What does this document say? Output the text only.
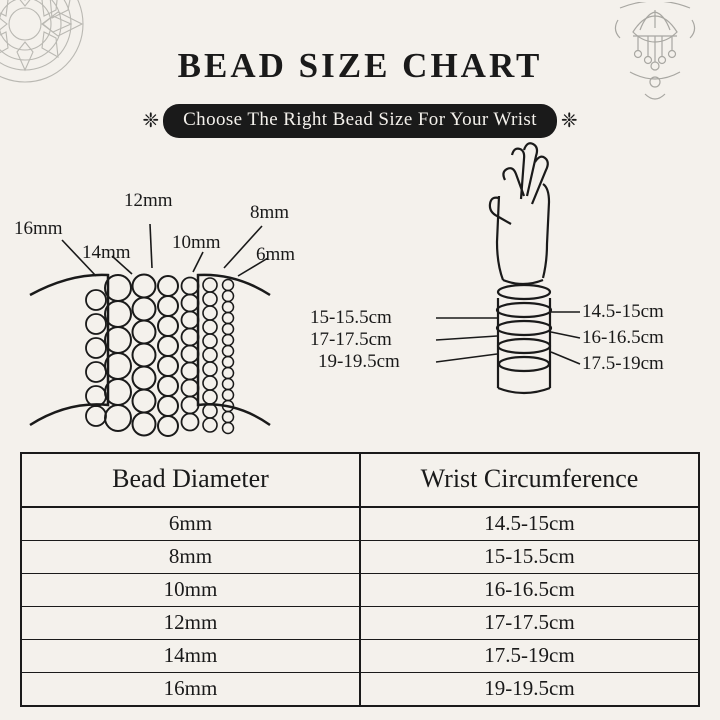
BEAD SIZE CHART
❈	Choose The Right Bead Size For Your Wrist	❈
16mm
14mm
12mm
10mm
8mm
6mm
15-15.5cm
17-17.5cm
19-19.5cm
14.5-15cm
16-16.5cm
17.5-19cm
Bead Diameter	Wrist Circumference
6mm	14.5-15cm
8mm	15-15.5cm
10mm	16-16.5cm
12mm	17-17.5cm
14mm	17.5-19cm
16mm	19-19.5cm
